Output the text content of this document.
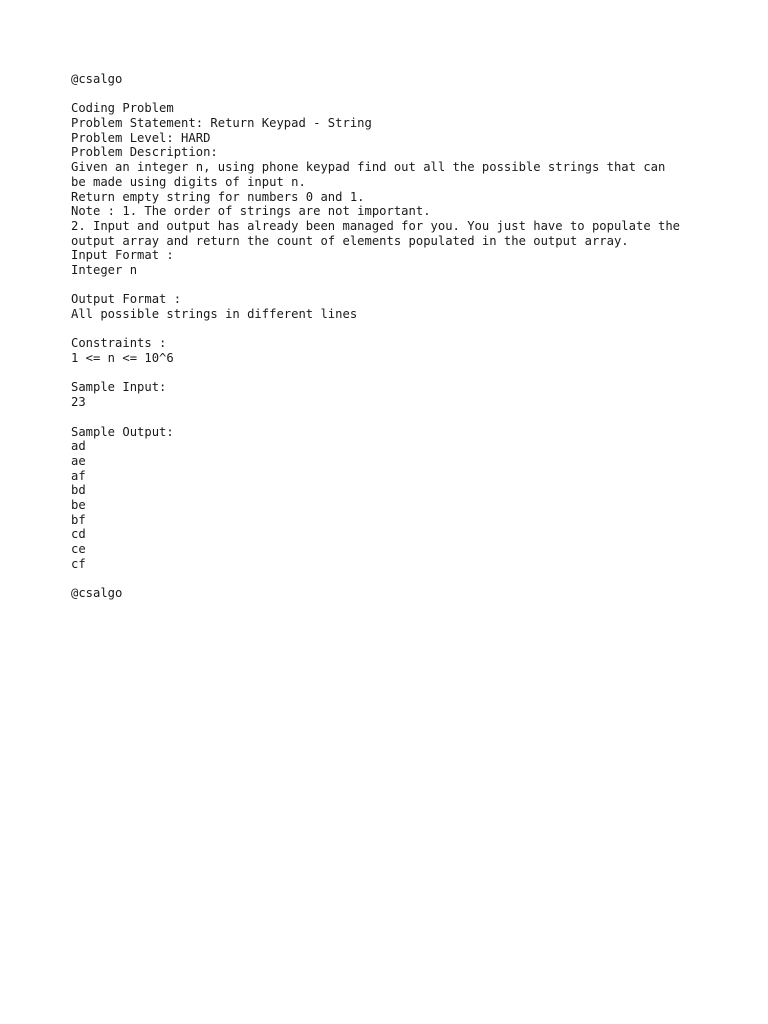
@csalgo
Coding Problem
Problem Statement: Return Keypad - String
Problem Level: HARD
Problem Description:
Given an integer n, using phone keypad find out all the possible strings that can
be made using digits of input n.
Return empty string for numbers 0 and 1.
Note : 1. The order of strings are not important.
2. Input and output has already been managed for you. You just have to populate the
output array and return the count of elements populated in the output array.
Input Format :
Integer n
Output Format :
All possible strings in different lines
Constraints :
1 <= n <= 10^6
Sample Input:
23
Sample Output:
ad
ae
af
bd
be
bf
cd
ce
cf
@csalgo
